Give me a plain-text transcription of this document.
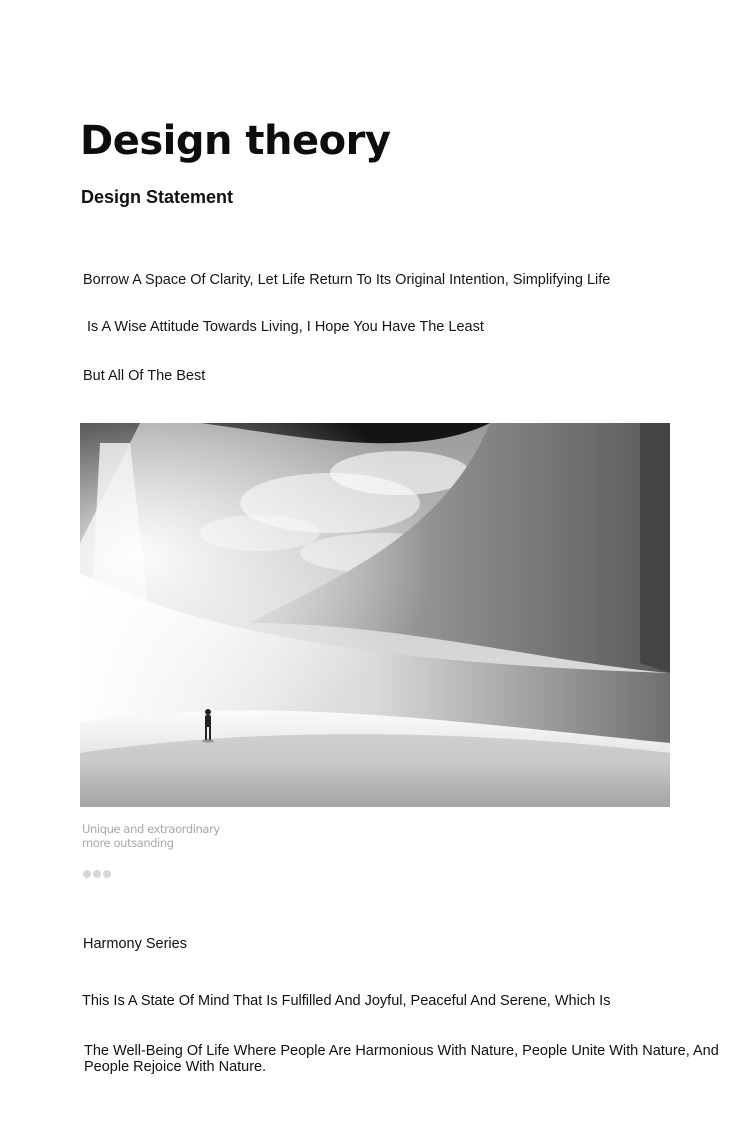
Design theory
Design Statement
Borrow A Space Of Clarity, Let Life Return To Its Original Intention, Simplifying Life
Is A Wise Attitude Towards Living, I Hope You Have The Least
But All Of The Best
Unique and extraordinary
more outsanding
Harmony Series
This Is A State Of Mind That Is Fulfilled And Joyful, Peaceful And Serene, Which Is
The Well-Being Of Life Where People Are Harmonious With Nature, People Unite With Nature, And People Rejoice With Nature.
